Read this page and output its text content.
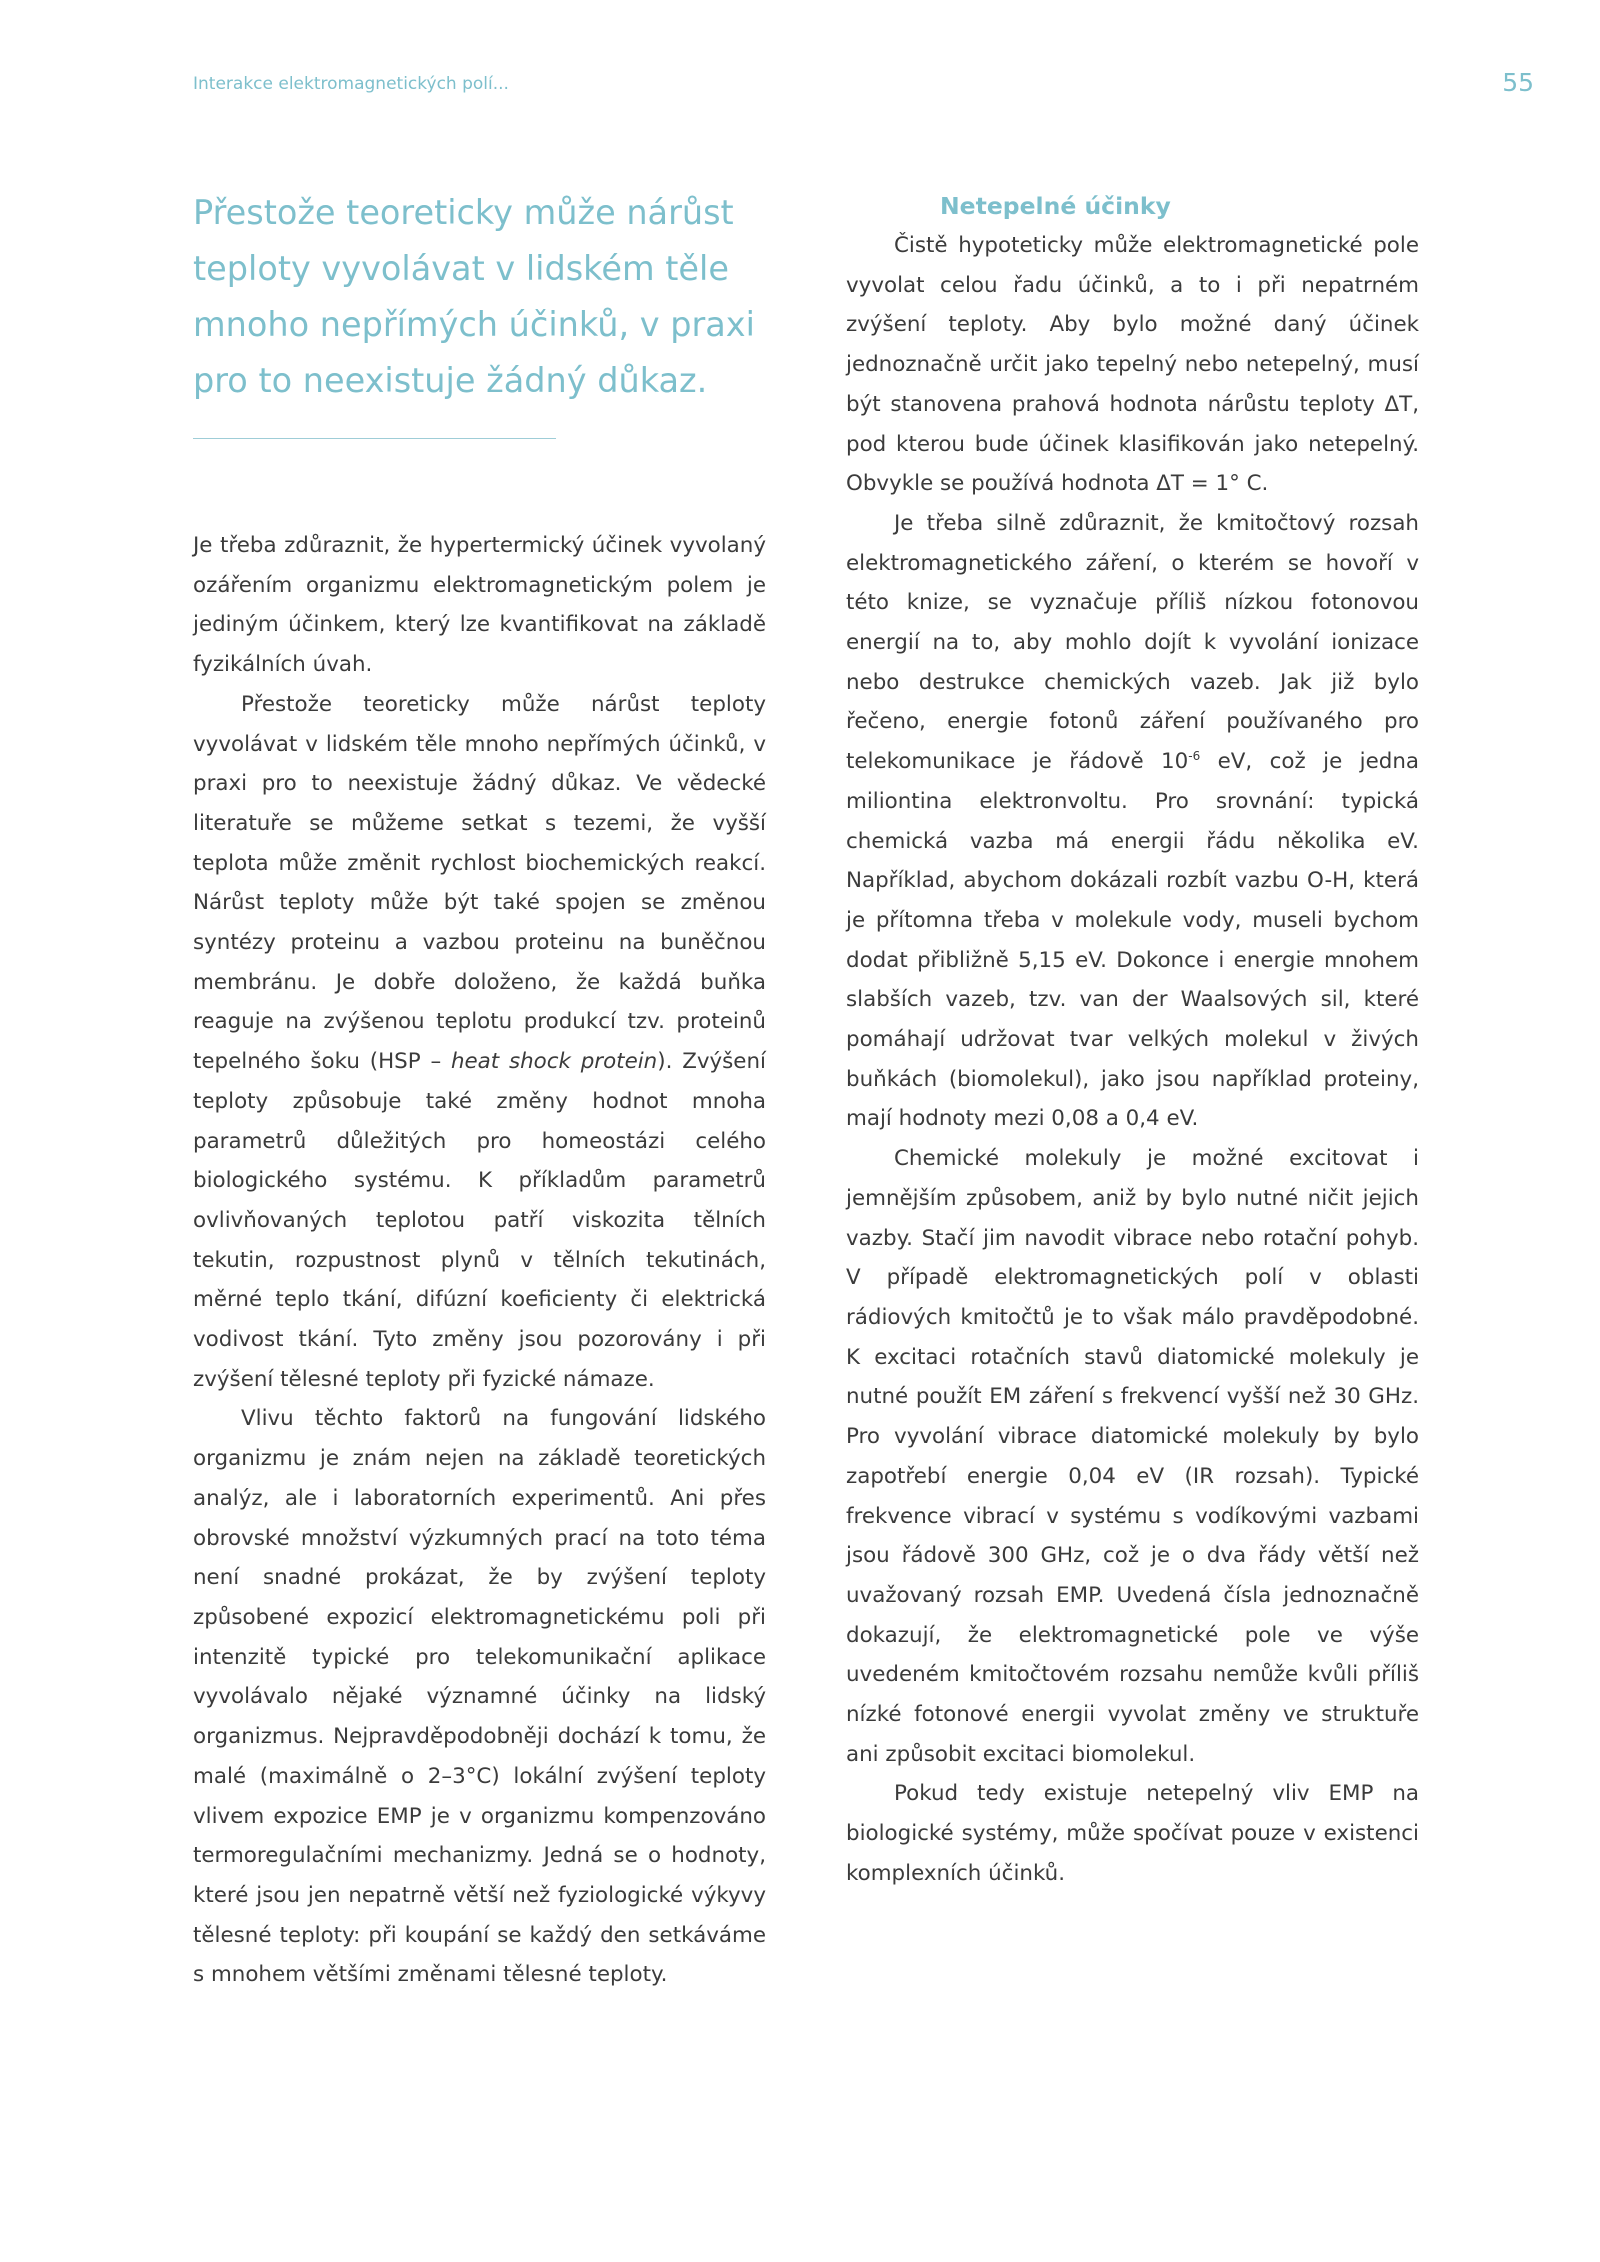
Interakce elektromagnetických polí...	55

Přestože teoreticky může nárůst teploty vyvolávat v lidském těle mnoho nepřímých účinků, v praxi pro to neexistuje žádný důkaz.

Je třeba zdůraznit, že hypertermický účinek vyvolaný ozářením organizmu elektromagnetickým polem je jediným účinkem, který lze kvantifikovat na základě fyzikálních úvah.

Přestože teoreticky může nárůst teploty vyvolávat v lidském těle mnoho nepřímých účinků, v praxi pro to neexistuje žádný důkaz. Ve vědecké literatuře se můžeme setkat s tezemi, že vyšší teplota může změnit rychlost biochemických reakcí. Nárůst teploty může být také spojen se změnou syntézy proteinu a vazbou proteinu na buněčnou membránu. Je dobře doloženo, že každá buňka reaguje na zvýšenou teplotu produkcí tzv. proteinů tepelného šoku (HSP – heat shock protein). Zvýšení teploty způsobuje také změny hodnot mnoha parametrů důležitých pro homeostázi celého biologického systému. K příkladům parametrů ovlivňovaných teplotou patří viskozita tělních tekutin, rozpustnost plynů v tělních tekutinách, měrné teplo tkání, difúzní koeficienty či elektrická vodivost tkání. Tyto změny jsou pozorovány i při zvýšení tělesné teploty při fyzické námaze.

Vlivu těchto faktorů na fungování lidského organizmu je znám nejen na základě teoretických analýz, ale i laboratorních experimentů. Ani přes obrovské množství výzkumných prací na toto téma není snadné prokázat, že by zvýšení teploty způsobené expozicí elektromagnetickému poli při intenzitě typické pro telekomunikační aplikace vyvolávalo nějaké významné účinky na lidský organizmus. Nejpravděpodobněji dochází k tomu, že malé (maximálně o 2–3°C) lokální zvýšení teploty vlivem expozice EMP je v organizmu kompenzováno termoregulačními mechanizmy. Jedná se o hodnoty, které jsou jen nepatrně větší než fyziologické výkyvy tělesné teploty: při koupání se každý den setkáváme s mnohem většími změnami tělesné teploty.

Netepelné účinky

Čistě hypoteticky může elektromagnetické pole vyvolat celou řadu účinků, a to i při nepatrném zvýšení teploty. Aby bylo možné daný účinek jednoznačně určit jako tepelný nebo netepelný, musí být stanovena prahová hodnota nárůstu teploty ΔT, pod kterou bude účinek klasifikován jako netepelný. Obvykle se používá hodnota ΔT = 1° C.

Je třeba silně zdůraznit, že kmitočtový rozsah elektromagnetického záření, o kterém se hovoří v této knize, se vyznačuje příliš nízkou fotonovou energií na to, aby mohlo dojít k vyvolání ionizace nebo destrukce chemických vazeb. Jak již bylo řečeno, energie fotonů záření používaného pro telekomunikace je řádově $10^{-6}$ eV, což je jedna miliontina elektronvoltu. Pro srovnání: typická chemická vazba má energii řádu několika eV. Například, abychom dokázali rozbít vazbu O-H, která je přítomna třeba v molekule vody, museli bychom dodat přibližně 5,15 eV. Dokonce i energie mnohem slabších vazeb, tzv. van der Waalsových sil, které pomáhají udržovat tvar velkých molekul v živých buňkách (biomolekul), jako jsou například proteiny, mají hodnoty mezi 0,08 a 0,4 eV.

Chemické molekuly je možné excitovat i jemnějším způsobem, aniž by bylo nutné ničit jejich vazby. Stačí jim navodit vibrace nebo rotační pohyb. V případě elektromagnetických polí v oblasti rádiových kmitočtů je to však málo pravděpodobné. K excitaci rotačních stavů diatomické molekuly je nutné použít EM záření s frekvencí vyšší než 30 GHz. Pro vyvolání vibrace diatomické molekuly by bylo zapotřebí energie 0,04 eV (IR rozsah). Typické frekvence vibrací v systému s vodíkovými vazbami jsou řádově 300 GHz, což je o dva řády větší než uvažovaný rozsah EMP. Uvedená čísla jednoznačně dokazují, že elektromagnetické pole ve výše uvedeném kmitočtovém rozsahu nemůže kvůli příliš nízké fotonové energii vyvolat změny ve struktuře ani způsobit excitaci biomolekul.

Pokud tedy existuje netepelný vliv EMP na biologické systémy, může spočívat pouze v existenci komplexních účinků.
